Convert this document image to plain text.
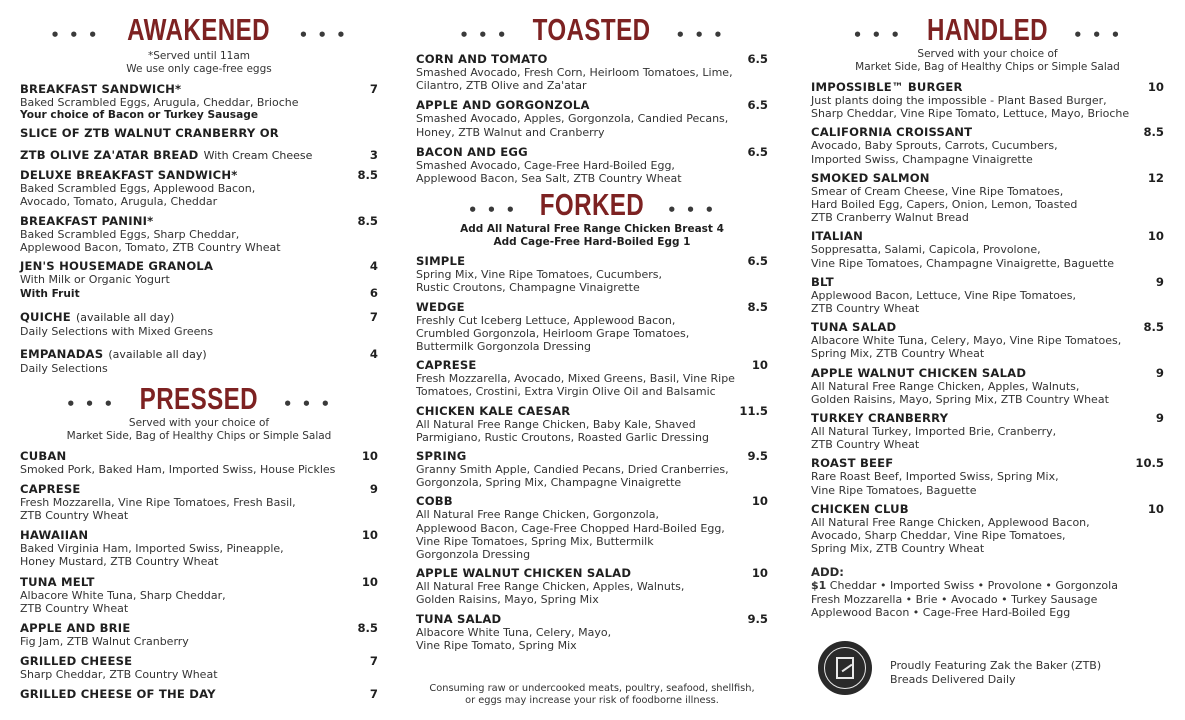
• • • AWAKENED • • •
*Served until 11am
We use only cage-free eggs
BREAKFAST SANDWICH*	7
Baked Scrambled Eggs, Arugula, Cheddar, Brioche
Your choice of Bacon or Turkey Sausage
SLICE OF ZTB WALNUT CRANBERRY OR
ZTB OLIVE ZA'ATAR BREAD With Cream Cheese	3
DELUXE BREAKFAST SANDWICH*	8.5
Baked Scrambled Eggs, Applewood Bacon,
Avocado, Tomato, Arugula, Cheddar
BREAKFAST PANINI*	8.5
Baked Scrambled Eggs, Sharp Cheddar,
Applewood Bacon, Tomato, ZTB Country Wheat
JEN'S HOUSEMADE GRANOLA	4
With Milk or Organic Yogurt
With Fruit	6
QUICHE (available all day)	7
Daily Selections with Mixed Greens
EMPANADAS (available all day)	4
Daily Selections
• • • PRESSED • • •
Served with your choice of
Market Side, Bag of Healthy Chips or Simple Salad
CUBAN	10
Smoked Pork, Baked Ham, Imported Swiss, House Pickles
CAPRESE	9
Fresh Mozzarella, Vine Ripe Tomatoes, Fresh Basil,
ZTB Country Wheat
HAWAIIAN	10
Baked Virginia Ham, Imported Swiss, Pineapple,
Honey Mustard, ZTB Country Wheat
TUNA MELT	10
Albacore White Tuna, Sharp Cheddar,
ZTB Country Wheat
APPLE AND BRIE	8.5
Fig Jam, ZTB Walnut Cranberry
GRILLED CHEESE	7
Sharp Cheddar, ZTB Country Wheat
GRILLED CHEESE OF THE DAY	7
• • • TOASTED • • •
CORN AND TOMATO	6.5
Smashed Avocado, Fresh Corn, Heirloom Tomatoes, Lime,
Cilantro, ZTB Olive and Za'atar
APPLE AND GORGONZOLA	6.5
Smashed Avocado, Apples, Gorgonzola, Candied Pecans,
Honey, ZTB Walnut and Cranberry
BACON AND EGG	6.5
Smashed Avocado, Cage-Free Hard-Boiled Egg,
Applewood Bacon, Sea Salt, ZTB Country Wheat
• • • FORKED • • •
Add All Natural Free Range Chicken Breast 4
Add Cage-Free Hard-Boiled Egg 1
SIMPLE	6.5
Spring Mix, Vine Ripe Tomatoes, Cucumbers,
Rustic Croutons, Champagne Vinaigrette
WEDGE	8.5
Freshly Cut Iceberg Lettuce, Applewood Bacon,
Crumbled Gorgonzola, Heirloom Grape Tomatoes,
Buttermilk Gorgonzola Dressing
CAPRESE	10
Fresh Mozzarella, Avocado, Mixed Greens, Basil, Vine Ripe
Tomatoes, Crostini, Extra Virgin Olive Oil and Balsamic
CHICKEN KALE CAESAR	11.5
All Natural Free Range Chicken, Baby Kale, Shaved
Parmigiano, Rustic Croutons, Roasted Garlic Dressing
SPRING	9.5
Granny Smith Apple, Candied Pecans, Dried Cranberries,
Gorgonzola, Spring Mix, Champagne Vinaigrette
COBB	10
All Natural Free Range Chicken, Gorgonzola,
Applewood Bacon, Cage-Free Chopped Hard-Boiled Egg,
Vine Ripe Tomatoes, Spring Mix, Buttermilk
Gorgonzola Dressing
APPLE WALNUT CHICKEN SALAD	10
All Natural Free Range Chicken, Apples, Walnuts,
Golden Raisins, Mayo, Spring Mix
TUNA SALAD	9.5
Albacore White Tuna, Celery, Mayo,
Vine Ripe Tomato, Spring Mix
Consuming raw or undercooked meats, poultry, seafood, shellfish,
or eggs may increase your risk of foodborne illness.
• • • HANDLED • • •
Served with your choice of
Market Side, Bag of Healthy Chips or Simple Salad
IMPOSSIBLE™ BURGER	10
Just plants doing the impossible - Plant Based Burger,
Sharp Cheddar, Vine Ripe Tomato, Lettuce, Mayo, Brioche
CALIFORNIA CROISSANT	8.5
Avocado, Baby Sprouts, Carrots, Cucumbers,
Imported Swiss, Champagne Vinaigrette
SMOKED SALMON	12
Smear of Cream Cheese, Vine Ripe Tomatoes,
Hard Boiled Egg, Capers, Onion, Lemon, Toasted
ZTB Cranberry Walnut Bread
ITALIAN	10
Soppresatta, Salami, Capicola, Provolone,
Vine Ripe Tomatoes, Champagne Vinaigrette, Baguette
BLT	9
Applewood Bacon, Lettuce, Vine Ripe Tomatoes,
ZTB Country Wheat
TUNA SALAD	8.5
Albacore White Tuna, Celery, Mayo, Vine Ripe Tomatoes,
Spring Mix, ZTB Country Wheat
APPLE WALNUT CHICKEN SALAD	9
All Natural Free Range Chicken, Apples, Walnuts,
Golden Raisins, Mayo, Spring Mix, ZTB Country Wheat
TURKEY CRANBERRY	9
All Natural Turkey, Imported Brie, Cranberry,
ZTB Country Wheat
ROAST BEEF	10.5
Rare Roast Beef, Imported Swiss, Spring Mix,
Vine Ripe Tomatoes, Baguette
CHICKEN CLUB	10
All Natural Free Range Chicken, Applewood Bacon,
Avocado, Sharp Cheddar, Vine Ripe Tomatoes,
Spring Mix, ZTB Country Wheat
ADD:
$1 Cheddar • Imported Swiss • Provolone • Gorgonzola
Fresh Mozzarella • Brie • Avocado • Turkey Sausage
Applewood Bacon • Cage-Free Hard-Boiled Egg
Proudly Featuring Zak the Baker (ZTB)
Breads Delivered Daily
